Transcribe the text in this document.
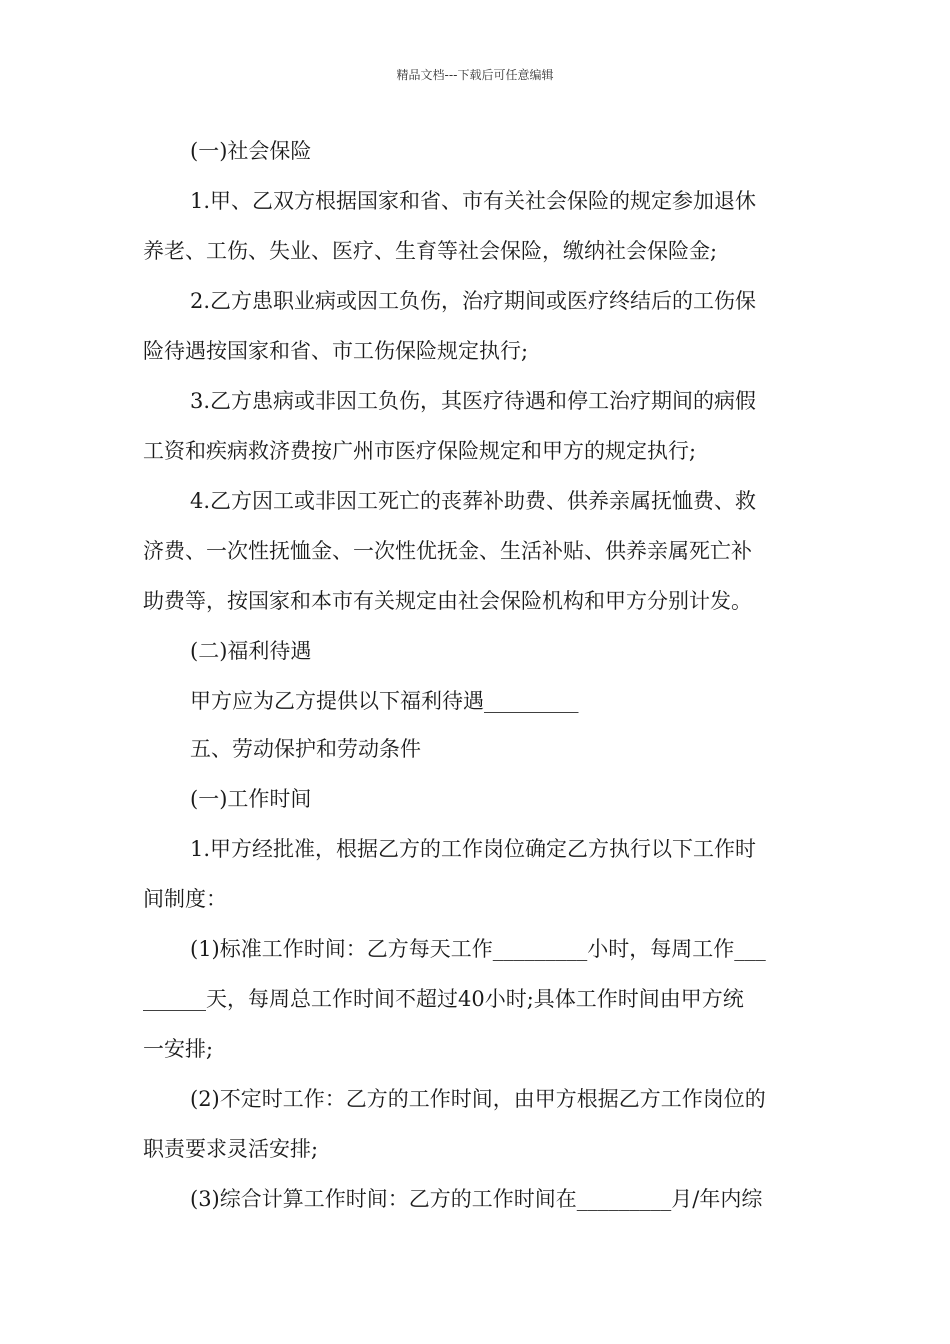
精品文档---下载后可任意编辑
(一)社会保险
1.甲、乙双方根据国家和省、市有关社会保险的规定参加退休
养老、工伤、失业、医疗、生育等社会保险，缴纳社会保险金;
2.乙方患职业病或因工负伤，治疗期间或医疗终结后的工伤保
险待遇按国家和省、市工伤保险规定执行;
3.乙方患病或非因工负伤，其医疗待遇和停工治疗期间的病假
工资和疾病救济费按广州市医疗保险规定和甲方的规定执行;
4.乙方因工或非因工死亡的丧葬补助费、供养亲属抚恤费、救
济费、一次性抚恤金、一次性优抚金、生活补贴、供养亲属死亡补
助费等，按国家和本市有关规定由社会保险机构和甲方分别计发。
(二)福利待遇
甲方应为乙方提供以下福利待遇_________
五、劳动保护和劳动条件
(一)工作时间
1.甲方经批准，根据乙方的工作岗位确定乙方执行以下工作时
间制度：
(1)标准工作时间：乙方每天工作_________小时，每周工作___
______天，每周总工作时间不超过40小时;具体工作时间由甲方统
一安排;
(2)不定时工作：乙方的工作时间，由甲方根据乙方工作岗位的
职责要求灵活安排;
(3)综合计算工作时间：乙方的工作时间在_________月/年内综
